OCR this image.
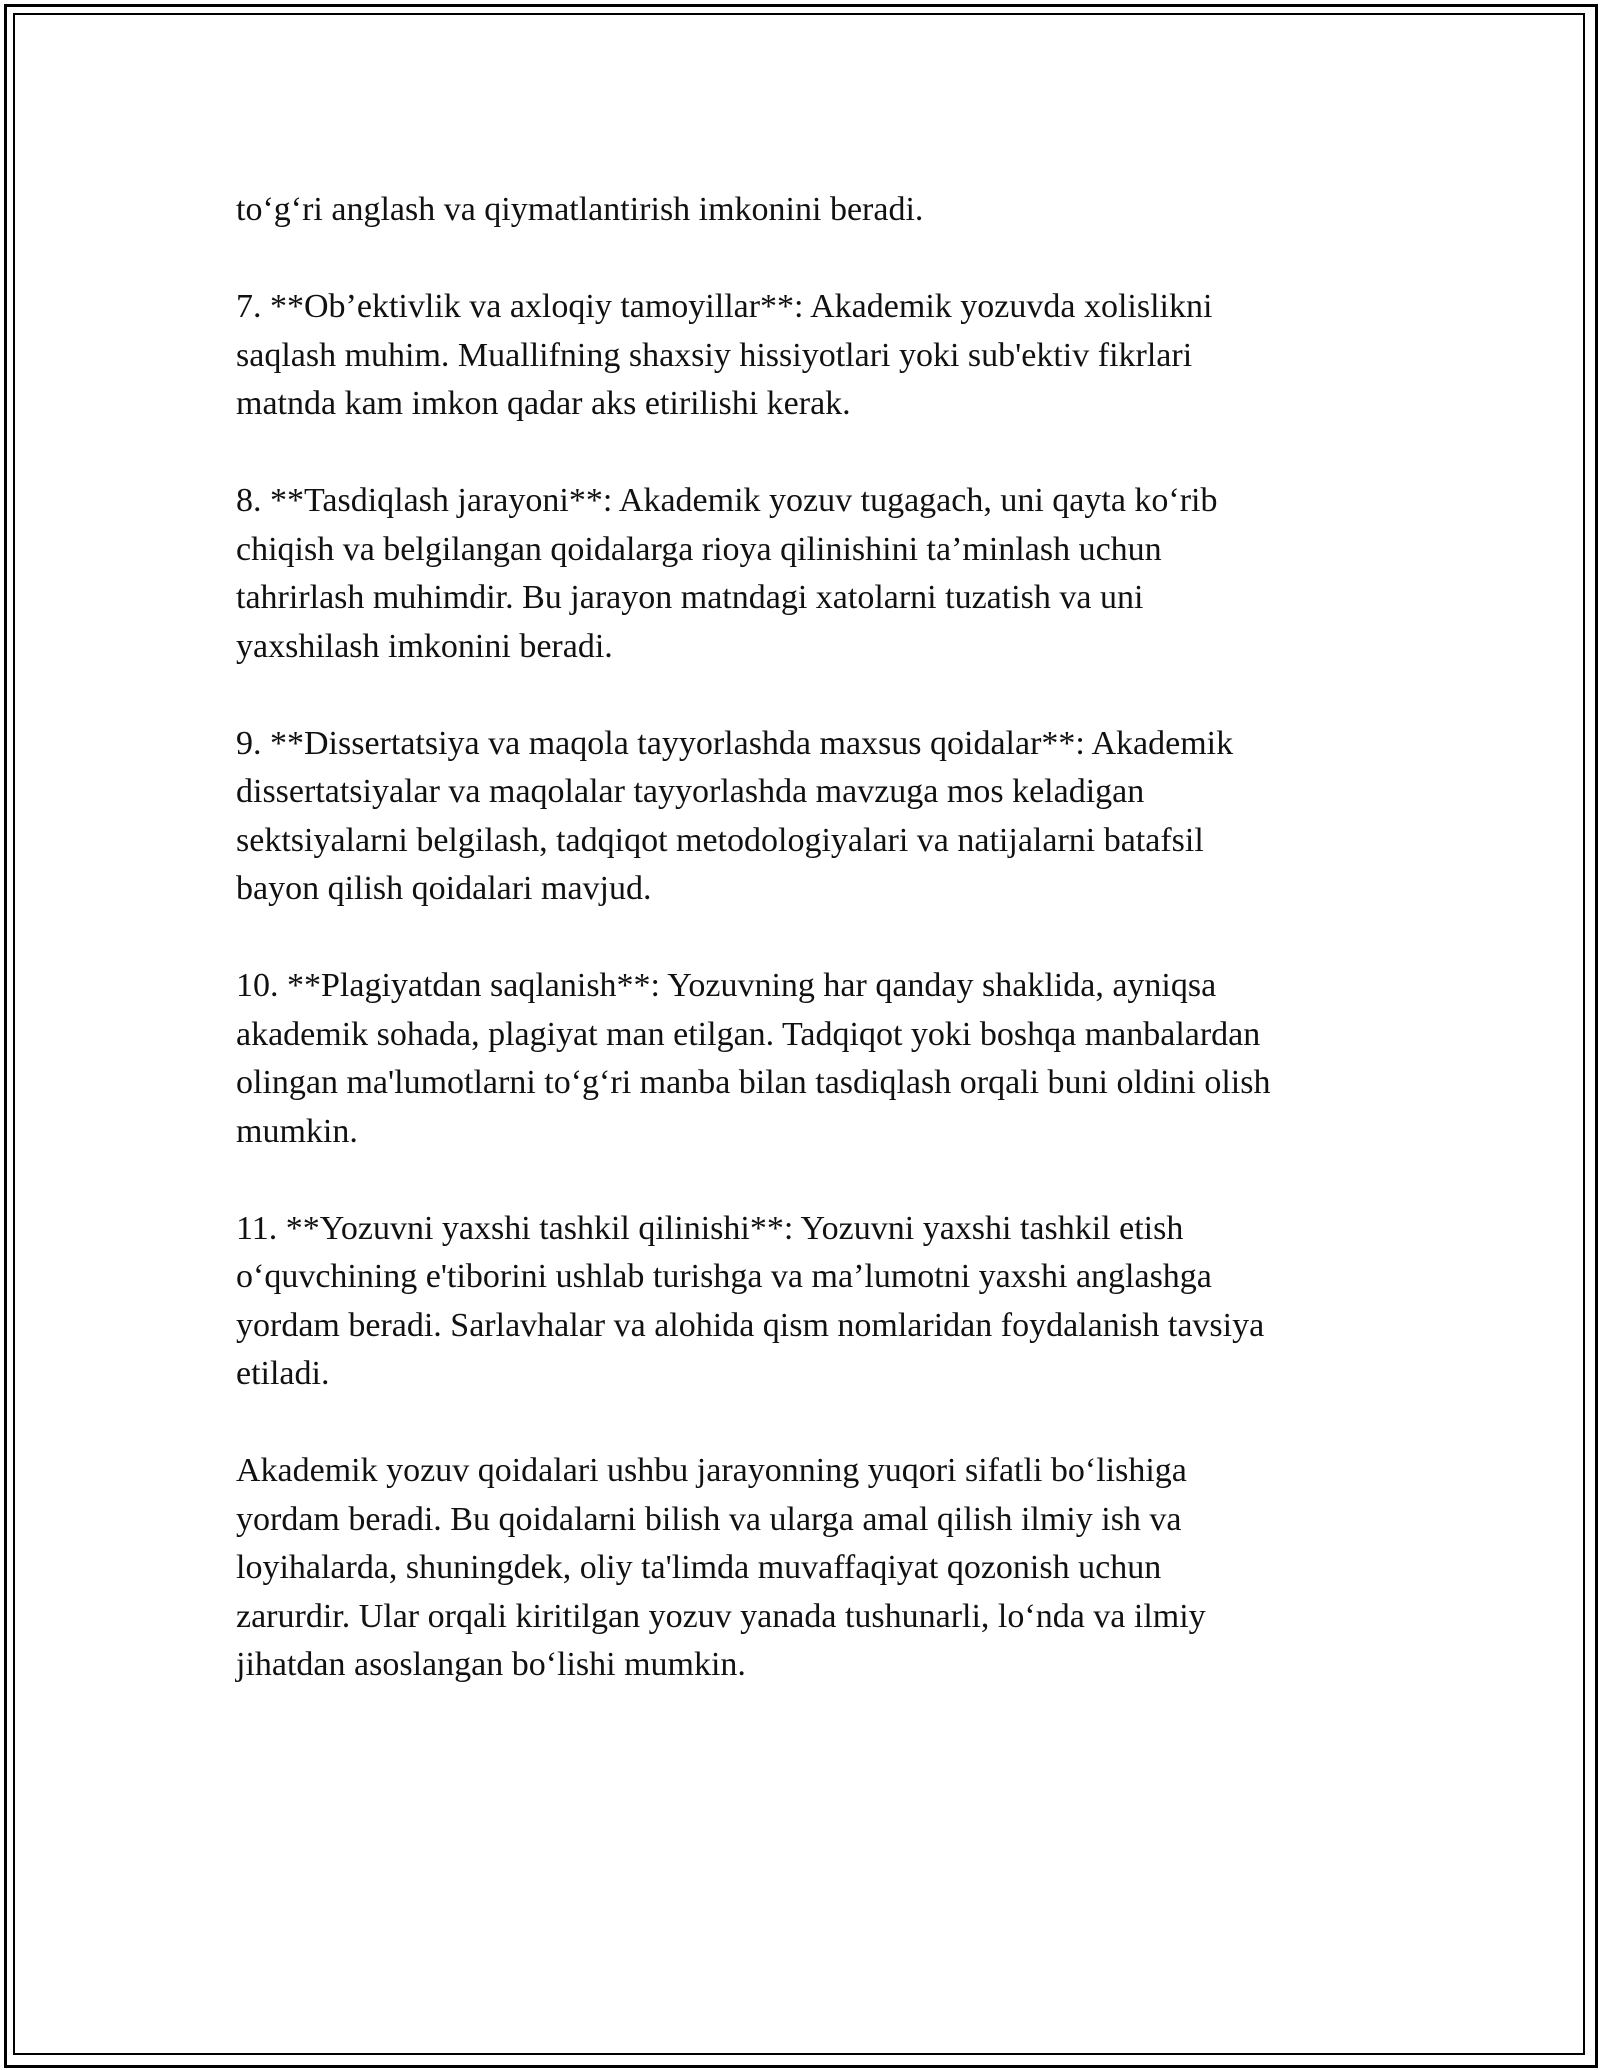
to‘g‘ri anglash va qiymatlantirish imkonini beradi.

7. **Ob’ektivlik va axloqiy tamoyillar**: Akademik yozuvda xolislikni
saqlash muhim. Muallifning shaxsiy hissiyotlari yoki sub'ektiv fikrlari
matnda kam imkon qadar aks etirilishi kerak.

8. **Tasdiqlash jarayoni**: Akademik yozuv tugagach, uni qayta ko‘rib
chiqish va belgilangan qoidalarga rioya qilinishini ta’minlash uchun
tahrirlash muhimdir. Bu jarayon matndagi xatolarni tuzatish va uni
yaxshilash imkonini beradi.

9. **Dissertatsiya va maqola tayyorlashda maxsus qoidalar**: Akademik
dissertatsiyalar va maqolalar tayyorlashda mavzuga mos keladigan
sektsiyalarni belgilash, tadqiqot metodologiyalari va natijalarni batafsil
bayon qilish qoidalari mavjud.

10. **Plagiyatdan saqlanish**: Yozuvning har qanday shaklida, ayniqsa
akademik sohada, plagiyat man etilgan. Tadqiqot yoki boshqa manbalardan
olingan ma'lumotlarni to‘g‘ri manba bilan tasdiqlash orqali buni oldini olish
mumkin.

11. **Yozuvni yaxshi tashkil qilinishi**: Yozuvni yaxshi tashkil etish
o‘quvchining e'tiborini ushlab turishga va ma’lumotni yaxshi anglashga
yordam beradi. Sarlavhalar va alohida qism nomlaridan foydalanish tavsiya
etiladi.

Akademik yozuv qoidalari ushbu jarayonning yuqori sifatli bo‘lishiga
yordam beradi. Bu qoidalarni bilish va ularga amal qilish ilmiy ish va
loyihalarda, shuningdek, oliy ta'limda muvaffaqiyat qozonish uchun
zarurdir. Ular orqali kiritilgan yozuv yanada tushunarli, lo‘nda va ilmiy
jihatdan asoslangan bo‘lishi mumkin.
